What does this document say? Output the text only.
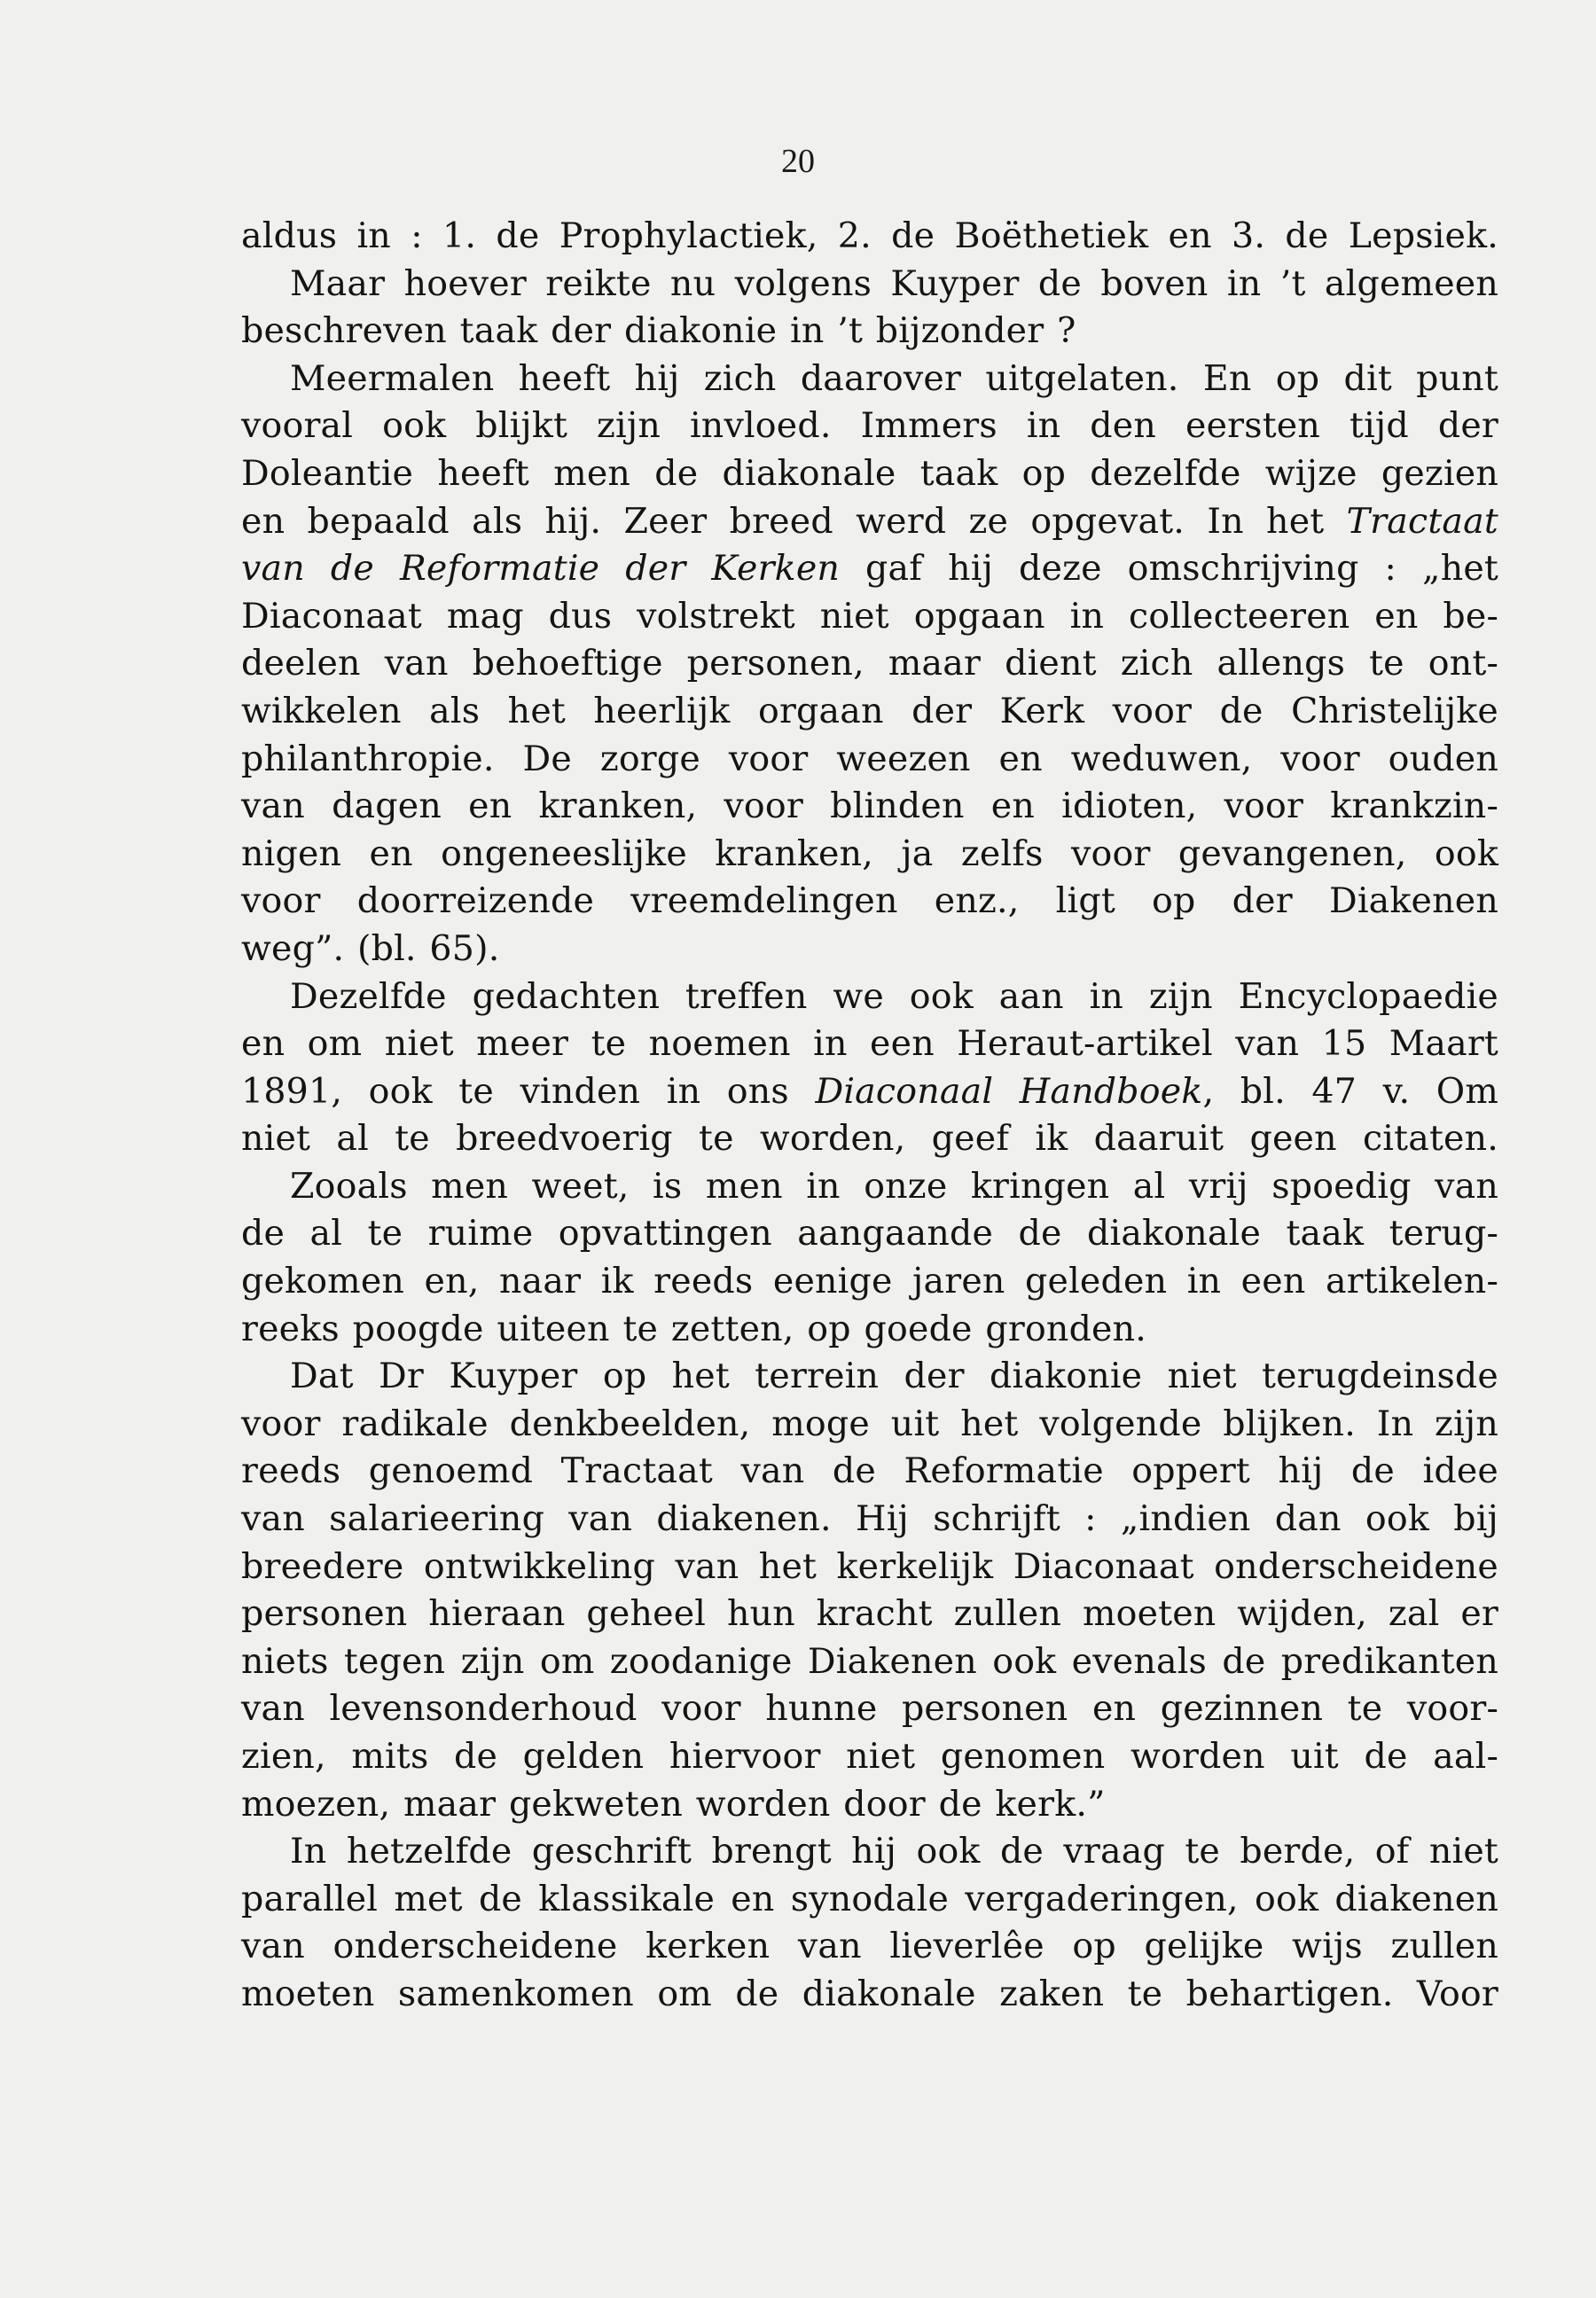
20
aldus in : 1. de Prophylactiek, 2. de Boëthetiek en 3. de Lepsiek.
Maar hoever reikte nu volgens Kuyper de boven in ’t algemeen
beschreven taak der diakonie in ’t bijzonder ?
Meermalen heeft hij zich daarover uitgelaten. En op dit punt
vooral ook blijkt zijn invloed. Immers in den eersten tijd der
Doleantie heeft men de diakonale taak op dezelfde wijze gezien
en bepaald als hij. Zeer breed werd ze opgevat. In het Tractaat
van de Reformatie der Kerken gaf hij deze omschrijving : „het
Diaconaat mag dus volstrekt niet opgaan in collecteeren en be-
deelen van behoeftige personen, maar dient zich allengs te ont-
wikkelen als het heerlijk orgaan der Kerk voor de Christelijke
philanthropie. De zorge voor weezen en weduwen, voor ouden
van dagen en kranken, voor blinden en idioten, voor krankzin-
nigen en ongeneeslijke kranken, ja zelfs voor gevangenen, ook
voor doorreizende vreemdelingen enz., ligt op der Diakenen
weg”. (bl. 65).
Dezelfde gedachten treffen we ook aan in zijn Encyclopaedie
en om niet meer te noemen in een Heraut-artikel van 15 Maart
1891, ook te vinden in ons Diaconaal Handboek, bl. 47 v. Om
niet al te breedvoerig te worden, geef ik daaruit geen citaten.
Zooals men weet, is men in onze kringen al vrij spoedig van
de al te ruime opvattingen aangaande de diakonale taak terug-
gekomen en, naar ik reeds eenige jaren geleden in een artikelen-
reeks poogde uiteen te zetten, op goede gronden.
Dat Dr Kuyper op het terrein der diakonie niet terugdeinsde
voor radikale denkbeelden, moge uit het volgende blijken. In zijn
reeds genoemd Tractaat van de Reformatie oppert hij de idee
van salarieering van diakenen. Hij schrijft : „indien dan ook bij
breedere ontwikkeling van het kerkelijk Diaconaat onderscheidene
personen hieraan geheel hun kracht zullen moeten wijden, zal er
niets tegen zijn om zoodanige Diakenen ook evenals de predikanten
van levensonderhoud voor hunne personen en gezinnen te voor-
zien, mits de gelden hiervoor niet genomen worden uit de aal-
moezen, maar gekweten worden door de kerk.”
In hetzelfde geschrift brengt hij ook de vraag te berde, of niet
parallel met de klassikale en synodale vergaderingen, ook diakenen
van onderscheidene kerken van lieverlêe op gelijke wijs zullen
moeten samenkomen om de diakonale zaken te behartigen. Voor
